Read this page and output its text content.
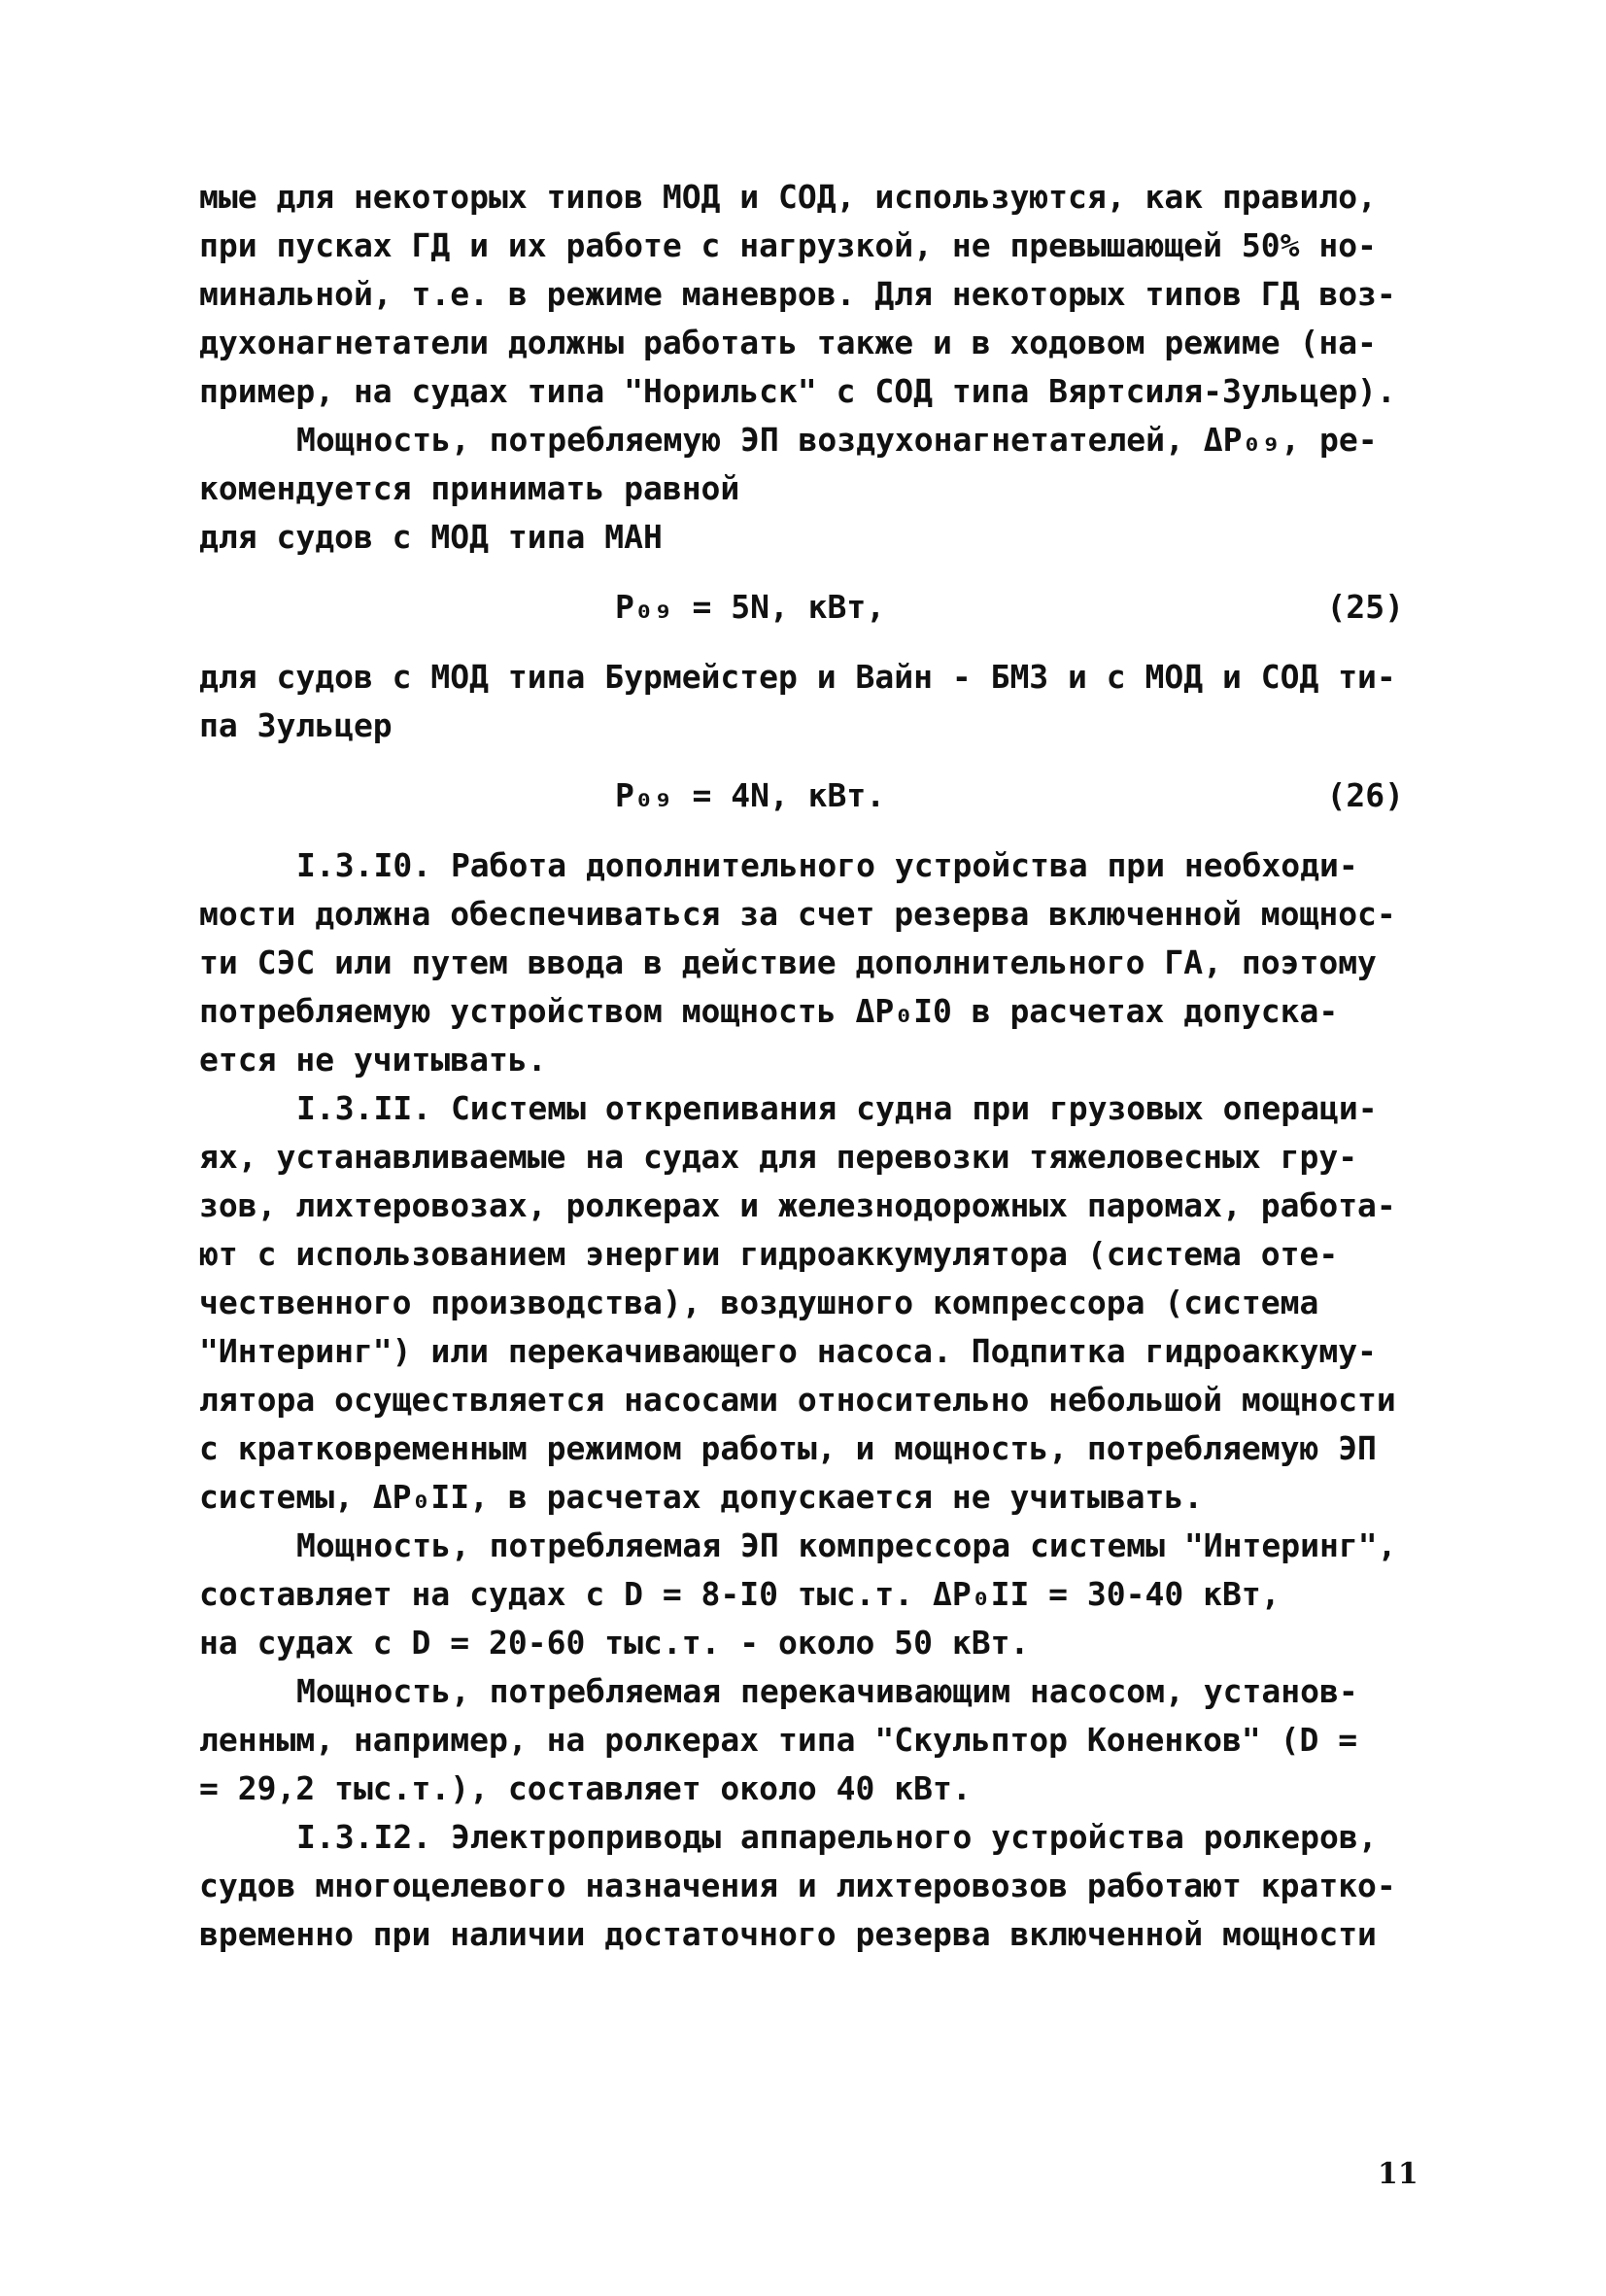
мые для некоторых типов МОД и СОД, используются, как правило,
при пусках ГД и их работе с нагрузкой, не превышающей 50% но-
минальной, т.е. в режиме маневров. Для некоторых типов ГД воз-
духонагнетатели должны работать также и в ходовом режиме (на-
пример, на судах типа "Норильск" с СОД типа Вяртсиля-Зульцер).
Мощность, потребляемую ЭП воздухонагнетателей, ΔP₀₉, ре-
комендуется принимать равной
для судов с МОД типа МАН
P₀₉ = 5N, кВт,	(25)
для судов с МОД типа Бурмейстер и Вайн - БМЗ и с МОД и СОД ти-
па Зульцер
P₀₉ = 4N, кВт.	(26)
I.3.I0. Работа дополнительного устройства при необходи-
мости должна обеспечиваться за счет резерва включенной мощнос-
ти СЭС или путем ввода в действие дополнительного ГА, поэтому
потребляемую устройством мощность ΔP₀I0 в расчетах допуска-
ется не учитывать.
I.3.II. Системы открепивания судна при грузовых операци-
ях, устанавливаемые на судах для перевозки тяжеловесных гру-
зов, лихтеровозах, ролкерах и железнодорожных паромах, работа-
ют с использованием энергии гидроаккумулятора (система оте-
чественного производства), воздушного компрессора (система
"Интеринг") или перекачивающего насоса. Подпитка гидроаккуму-
лятора осуществляется насосами относительно небольшой мощности
с кратковременным режимом работы, и мощность, потребляемую ЭП
системы, ΔP₀II, в расчетах допускается не учитывать.
Мощность, потребляемая ЭП компрессора системы "Интеринг",
составляет на судах с D = 8-I0 тыс.т. ΔP₀II = 30-40 кВт,
на судах с D = 20-60 тыс.т. - около 50 кВт.
Мощность, потребляемая перекачивающим насосом, установ-
ленным, например, на ролкерах типа "Скульптор Коненков" (D =
= 29,2 тыс.т.), составляет около 40 кВт.
I.3.I2. Электроприводы аппарельного устройства ролкеров,
судов многоцелевого назначения и лихтеровозов работают кратко-
временно при наличии достаточного резерва включенной мощности
11
